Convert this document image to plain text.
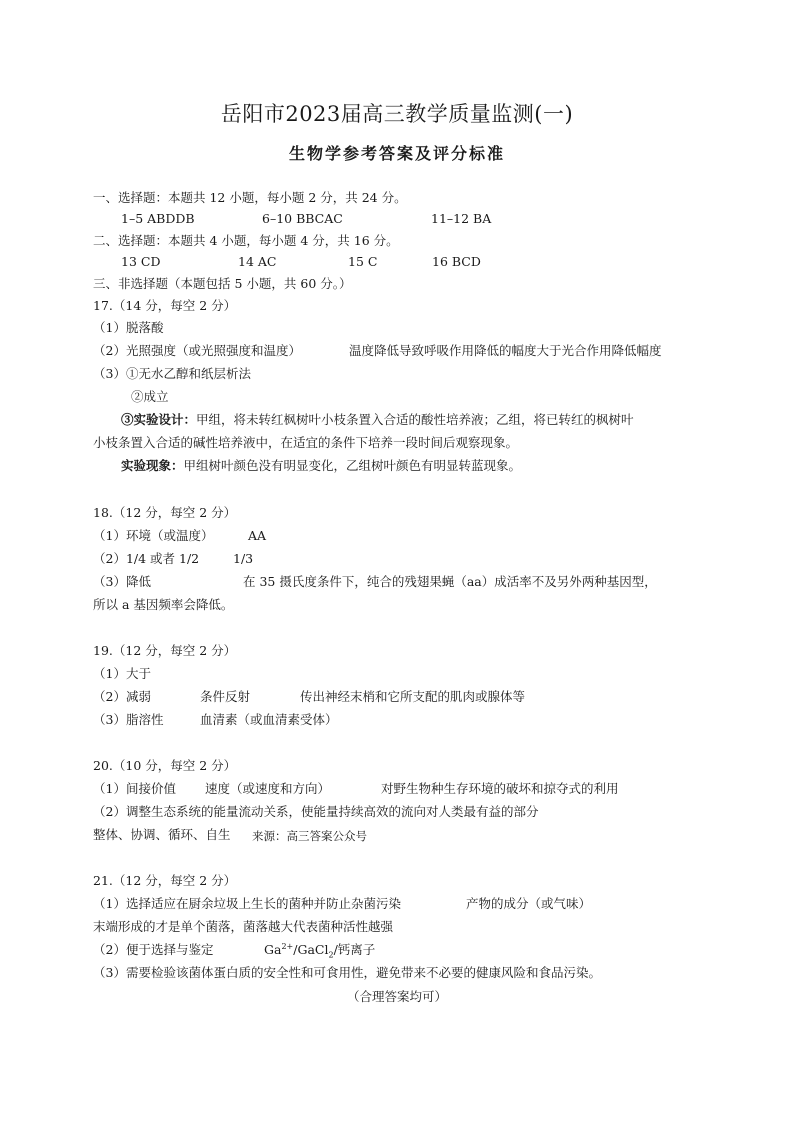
岳阳市2023届高三教学质量监测(一)
生物学参考答案及评分标准
一、选择题：本题共 12 小题，每小题 2 分，共 24 分。
1–5 ABDDB	6–10 BBCAC	11–12 BA
二、选择题：本题共 4 小题，每小题 4 分，共 16 分。
13 CD	14 AC	15 C	16 BCD
三、非选择题（本题包括 5 小题，共 60 分。）
17.（14 分，每空 2 分）
（1）脱落酸
（2）光照强度（或光照强度和温度）	温度降低导致呼吸作用降低的幅度大于光合作用降低幅度
（3）①无水乙醇和纸层析法
②成立
③实验设计：甲组，将未转红枫树叶小枝条置入合适的酸性培养液；乙组，将已转红的枫树叶
小枝条置入合适的碱性培养液中，在适宜的条件下培养一段时间后观察现象。
实验现象：甲组树叶颜色没有明显变化，乙组树叶颜色有明显转蓝现象。
18.（12 分，每空 2 分）
（1）环境（或温度）	AA
（2）1/4 或者 1/2	1/3
（3）降低	在 35 摄氏度条件下，纯合的残翅果蝇（aa）成活率不及另外两种基因型，
所以 a 基因频率会降低。
19.（12 分，每空 2 分）
（1）大于
（2）减弱	条件反射	传出神经末梢和它所支配的肌肉或腺体等
（3）脂溶性	血清素（或血清素受体）
20.（10 分，每空 2 分）
（1）间接价值 速度（或速度和方向）	对野生物种生存环境的破坏和掠夺式的利用
（2）调整生态系统的能量流动关系，使能量持续高效的流向对人类最有益的部分
整体、协调、循环、自生 来源：高三答案公众号
21.（12 分，每空 2 分）
（1）选择适应在厨余垃圾上生长的菌种并防止杂菌污染	产物的成分（或气味）
末端形成的才是单个菌落，菌落越大代表菌种活性越强
（2）便于选择与鉴定	$Ga^{2+}/GaCl_2/$钙离子
（3）需要检验该菌体蛋白质的安全性和可食用性，避免带来不必要的健康风险和食品污染。
（合理答案均可）
